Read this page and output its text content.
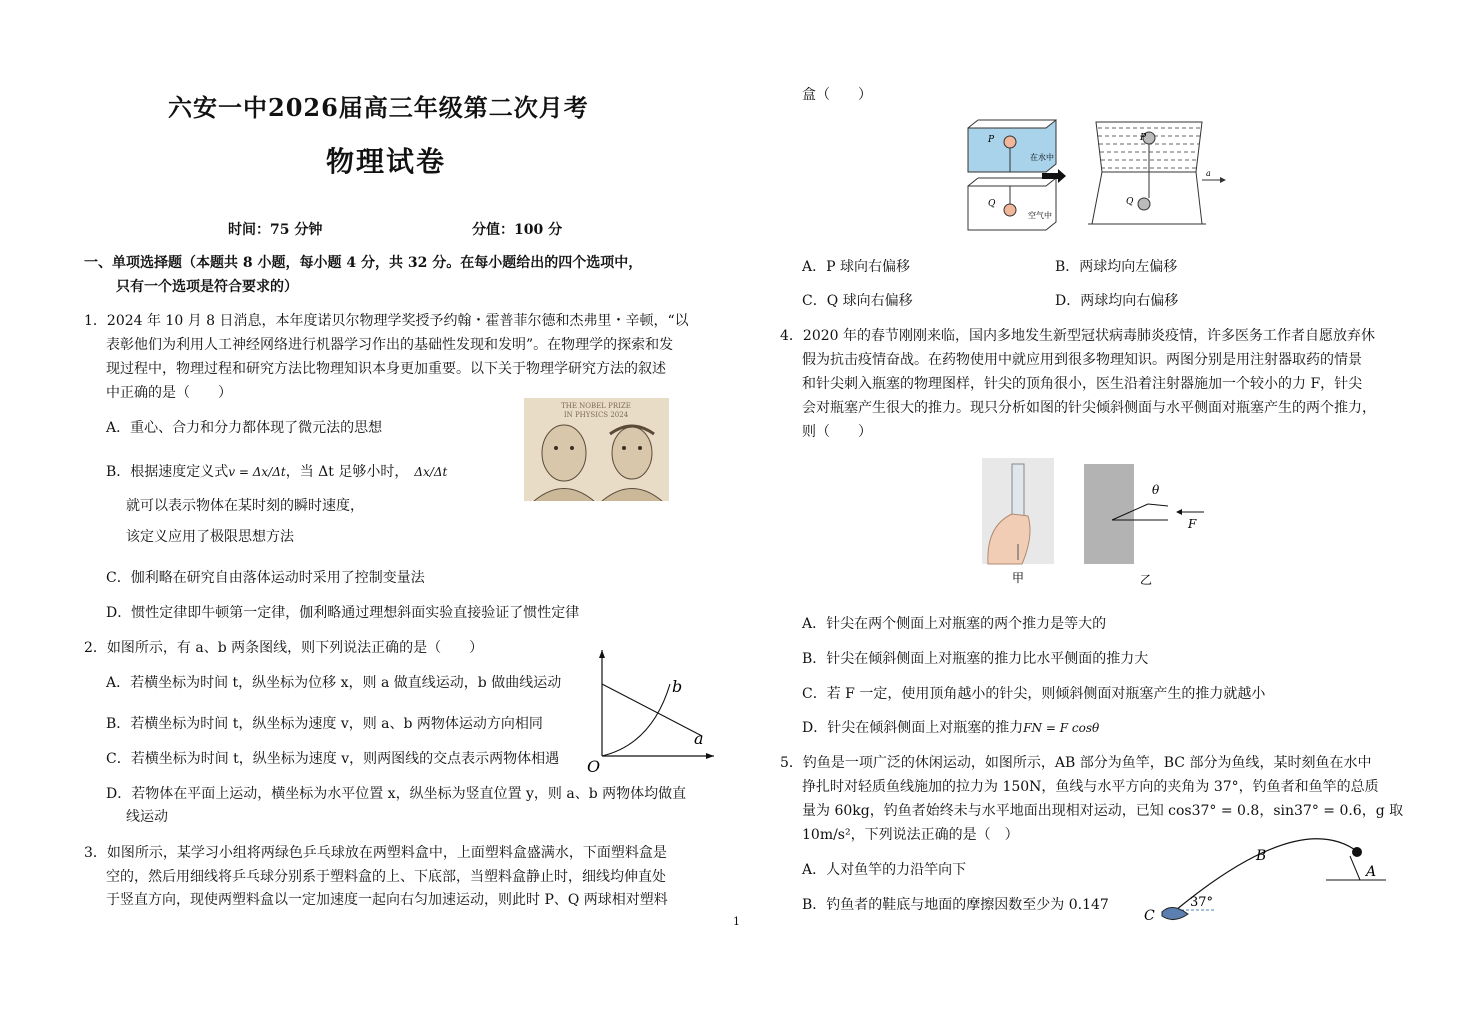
六安一中2026届高三年级第二次月考
物理试卷
时间：75 分钟	分值：100 分
一、单项选择题（本题共 8 小题，每小题 4 分，共 32 分。在每小题给出的四个选项中，
只有一个选项是符合要求的）
1．2024 年 10 月 8 日消息，本年度诺贝尔物理学奖授予约翰・霍普菲尔德和杰弗里・辛顿，“以
表彰他们为利用人工神经网络进行机器学习作出的基础性发现和发明”。在物理学的探索和发
现过程中，物理过程和研究方法比物理知识本身更加重要。以下关于物理学研究方法的叙述
中正确的是（　　）
A．重心、合力和分力都体现了微元法的思想
B．根据速度定义式v = Δx/Δt，当 Δt 足够小时， Δx/Δt
就可以表示物体在某时刻的瞬时速度，
该定义应用了极限思想方法
C．伽利略在研究自由落体运动时采用了控制变量法
D．惯性定律即牛顿第一定律，伽利略通过理想斜面实验直接验证了惯性定律
THE NOBEL PRIZE
IN PHYSICS 2024
2．如图所示，有 a、b 两条图线，则下列说法正确的是（　　）
A．若横坐标为时间 t，纵坐标为位移 x，则 a 做直线运动，b 做曲线运动
B．若横坐标为时间 t，纵坐标为速度 v，则 a、b 两物体运动方向相同
C．若横坐标为时间 t，纵坐标为速度 v，则两图线的交点表示两物体相遇
D．若物体在平面上运动，横坐标为水平位置 x，纵坐标为竖直位置 y，则 a、b 两物体均做直
线运动
a
b
O
3．如图所示，某学习小组将两绿色乒乓球放在两塑料盒中，上面塑料盒盛满水，下面塑料盒是
空的，然后用细线将乒乓球分别系于塑料盒的上、下底部，当塑料盒静止时，细线均伸直处
于竖直方向，现使两塑料盒以一定加速度一起向右匀加速运动，则此时 P、Q 两球相对塑料
1
盒（　　）
P
在水中
Q
空气中
P
Q
a
A．P 球向右偏移	B．两球均向左偏移
C．Q 球向右偏移	D．两球均向右偏移
4．2020 年的春节刚刚来临，国内多地发生新型冠状病毒肺炎疫情，许多医务工作者自愿放弃休
假为抗击疫情奋战。在药物使用中就应用到很多物理知识。两图分别是用注射器取药的情景
和针尖刺入瓶塞的物理图样，针尖的顶角很小，医生沿着注射器施加一个较小的力 F，针尖
会对瓶塞产生很大的推力。现只分析如图的针尖倾斜侧面与水平侧面对瓶塞产生的两个推力，
则（　　）
甲
θ
F
乙
A．针尖在两个侧面上对瓶塞的两个推力是等大的
B．针尖在倾斜侧面上对瓶塞的推力比水平侧面的推力大
C．若 F 一定，使用顶角越小的针尖，则倾斜侧面对瓶塞产生的推力就越小
D．针尖在倾斜侧面上对瓶塞的推力FN = F cosθ
5．钓鱼是一项广泛的休闲运动，如图所示，AB 部分为鱼竿，BC 部分为鱼线，某时刻鱼在水中
挣扎时对轻质鱼线施加的拉力为 150N，鱼线与水平方向的夹角为 37°，钓鱼者和鱼竿的总质
量为 60kg，钓鱼者始终未与水平地面出现相对运动，已知 cos37° = 0.8，sin37° = 0.6，g 取
10m/s²，下列说法正确的是（　）
A．人对鱼竿的力沿竿向下
B．钓鱼者的鞋底与地面的摩擦因数至少为 0.147
C
B
A
37°
